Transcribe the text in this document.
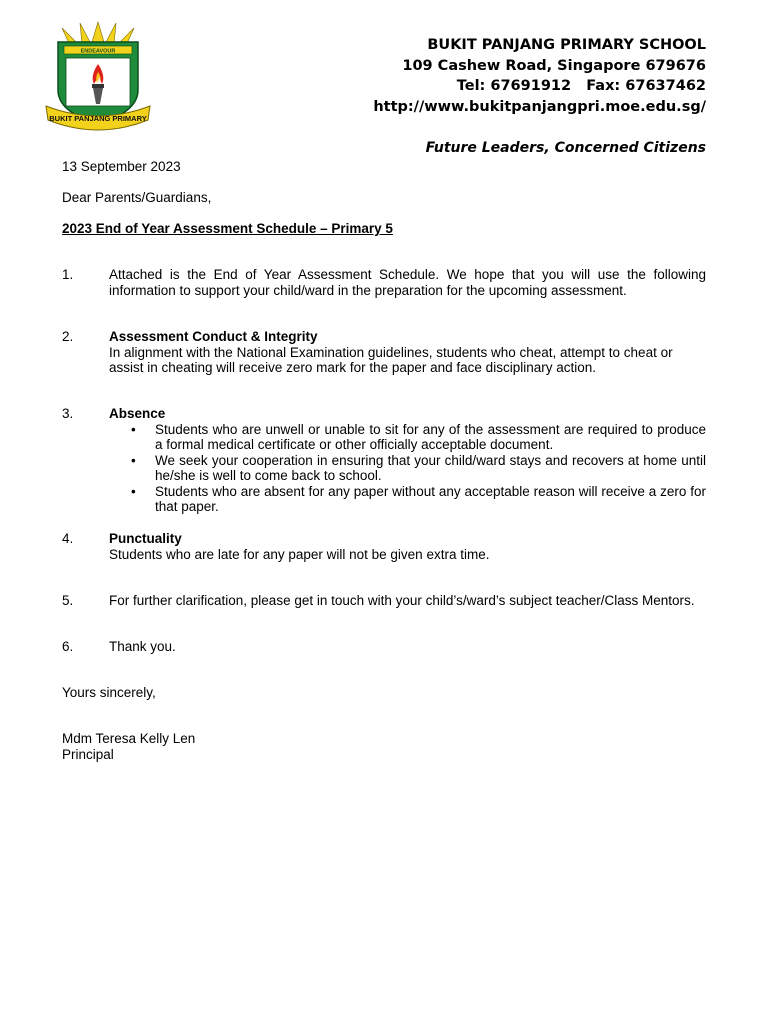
ENDEAVOUR
BUKIT PANJANG PRIMARY
BUKIT PANJANG PRIMARY SCHOOL
109 Cashew Road, Singapore 679676
Tel: 67691912   Fax: 67637462
http://www.bukitpanjangpri.moe.edu.sg/
Future Leaders, Concerned Citizens
13 September 2023
Dear Parents/Guardians,
2023 End of Year Assessment Schedule – Primary 5
1.	Attached is the End of Year Assessment Schedule. We hope that you will use the following information to support your child/ward in the preparation for the upcoming assessment.
2.	Assessment Conduct & Integrity
In alignment with the National Examination guidelines, students who cheat, attempt to cheat or assist in cheating will receive zero mark for the paper and face disciplinary action.
3.	Absence
• Students who are unwell or unable to sit for any of the assessment are required to produce a formal medical certificate or other officially acceptable document.
• We seek your cooperation in ensuring that your child/ward stays and recovers at home until he/she is well to come back to school.
• Students who are absent for any paper without any acceptable reason will receive a zero for that paper.
4.	Punctuality
Students who are late for any paper will not be given extra time.
5.	For further clarification, please get in touch with your child’s/ward’s subject teacher/Class Mentors.
6.	Thank you.
Yours sincerely,
Mdm Teresa Kelly Len
Principal
